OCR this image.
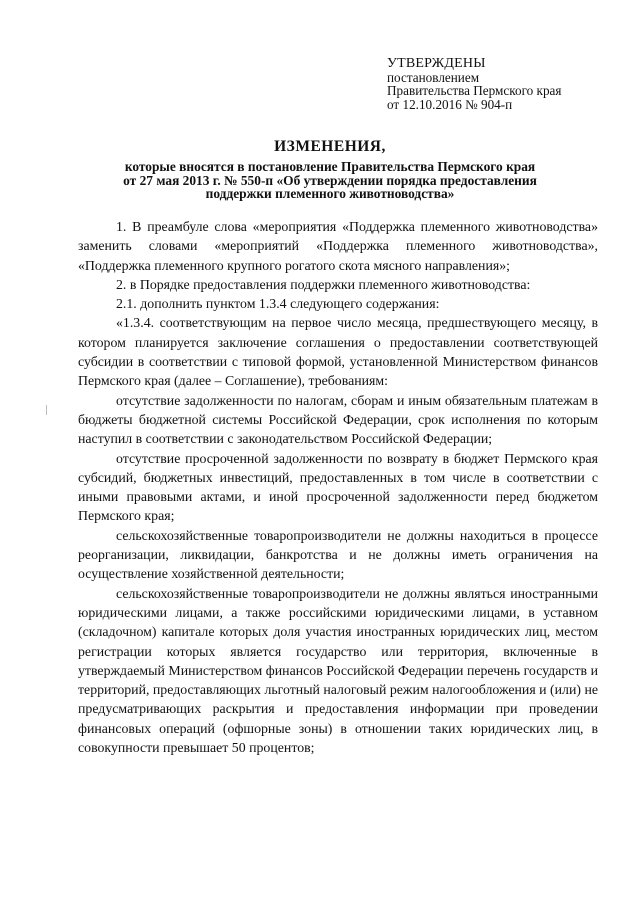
УТВЕРЖДЕНЫ
постановлением
Правительства Пермского края
от 12.10.2016 № 904-п
ИЗМЕНЕНИЯ,
которые вносятся в постановление Правительства Пермского края
от 27 мая 2013 г. № 550-п «Об утверждении порядка предоставления
поддержки племенного животноводства»

1. В преамбуле слова «мероприятия «Поддержка племенного животноводства» заменить словами «мероприятий «Поддержка племенного животноводства», «Поддержка племенного крупного рогатого скота мясного направления»;

2. в Порядке предоставления поддержки племенного животноводства:

2.1. дополнить пунктом 1.3.4 следующего содержания:

«1.3.4. соответствующим на первое число месяца, предшествующего месяцу, в котором планируется заключение соглашения о предоставлении соответствующей субсидии в соответствии с типовой формой, установленной Министерством финансов Пермского края (далее – Соглашение), требованиям:

отсутствие задолженности по налогам, сборам и иным обязательным платежам в бюджеты бюджетной системы Российской Федерации, срок исполнения по которым наступил в соответствии с законодательством Российской Федерации;

отсутствие просроченной задолженности по возврату в бюджет Пермского края субсидий, бюджетных инвестиций, предоставленных в том числе в соответствии с иными правовыми актами, и иной просроченной задолженности перед бюджетом Пермского края;

сельскохозяйственные товаропроизводители не должны находиться в процессе реорганизации, ликвидации, банкротства и не должны иметь ограничения на осуществление хозяйственной деятельности;

сельскохозяйственные товаропроизводители не должны являться иностранными юридическими лицами, а также российскими юридическими лицами, в уставном (складочном) капитале которых доля участия иностранных юридических лиц, местом регистрации которых является государство или территория, включенные в утверждаемый Министерством финансов Российской Федерации перечень государств и территорий, предоставляющих льготный налоговый режим налогообложения и (или) не предусматривающих раскрытия и предоставления информации при проведении финансовых операций (офшорные зоны) в отношении таких юридических лиц, в совокупности превышает 50 процентов;
